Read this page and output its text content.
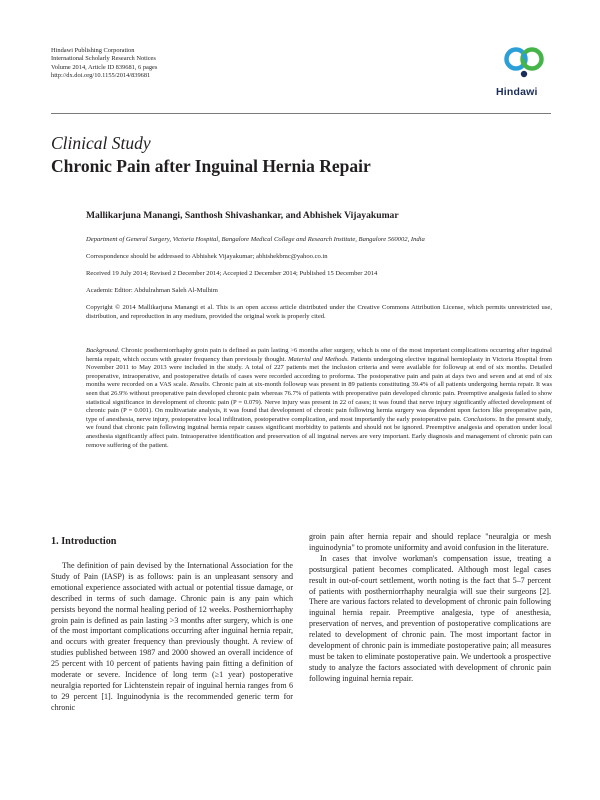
Hindawi Publishing Corporation
International Scholarly Research Notices
Volume 2014, Article ID 839681, 6 pages
http://dx.doi.org/10.1155/2014/839681
Hindawi
Clinical Study
Chronic Pain after Inguinal Hernia Repair
Mallikarjuna Manangi, Santhosh Shivashankar, and Abhishek Vijayakumar
Department of General Surgery, Victoria Hospital, Bangalore Medical College and Research Institute, Bangalore 560002, India
Correspondence should be addressed to Abhishek Vijayakumar; abhishekbmc@yahoo.co.in
Received 19 July 2014; Revised 2 December 2014; Accepted 2 December 2014; Published 15 December 2014
Academic Editor: Abdulrahman Saleh Al-Mulhim
Copyright © 2014 Mallikarjuna Manangi et al. This is an open access article distributed under the Creative Commons Attribution License, which permits unrestricted use, distribution, and reproduction in any medium, provided the original work is properly cited.
Background. Chronic postherniorrhaphy groin pain is defined as pain lasting >6 months after surgery, which is one of the most important complications occurring after inguinal hernia repair, which occurs with greater frequency than previously thought. Material and Methods. Patients undergoing elective inguinal hernioplasty in Victoria Hospital from November 2011 to May 2013 were included in the study. A total of 227 patients met the inclusion criteria and were available for followup at end of six months. Detailed preoperative, intraoperative, and postoperative details of cases were recorded according to proforma. The postoperative pain and pain at days two and seven and at end of six months were recorded on a VAS scale. Results. Chronic pain at six-month followup was present in 89 patients constituting 39.4% of all patients undergoing hernia repair. It was seen that 26.9% without preoperative pain developed chronic pain whereas 76.7% of patients with preoperative pain developed chronic pain. Preemptive analgesia failed to show statistical significance in development of chronic pain (P = 0.079). Nerve injury was present in 22 of cases; it was found that nerve injury significantly affected development of chronic pain (P = 0.001). On multivariate analysis, it was found that development of chronic pain following hernia surgery was dependent upon factors like preoperative pain, type of anesthesia, nerve injury, postoperative local infiltration, postoperative complication, and most importantly the early postoperative pain. Conclusions. In the present study, we found that chronic pain following inguinal hernia repair causes significant morbidity to patients and should not be ignored. Preemptive analgesia and operation under local anesthesia significantly affect pain. Intraoperative identification and preservation of all inguinal nerves are very important. Early diagnosis and management of chronic pain can remove suffering of the patient.
1. Introduction

The definition of pain devised by the International Association for the Study of Pain (IASP) is as follows: pain is an unpleasant sensory and emotional experience associated with actual or potential tissue damage, or described in terms of such damage. Chronic pain is any pain which persists beyond the normal healing period of 12 weeks. Postherniorrhaphy groin pain is defined as pain lasting >3 months after surgery, which is one of the most important complications occurring after inguinal hernia repair, and occurs with greater frequency than previously thought. A review of studies published between 1987 and 2000 showed an overall incidence of 25 percent with 10 percent of patients having pain fitting a definition of moderate or severe. Incidence of long term (≥1 year) postoperative neuralgia reported for Lichtenstein repair of inguinal hernia ranges from 6 to 29 percent [1]. Inguinodynia is the recommended generic term for chronic

groin pain after hernia repair and should replace "neuralgia or mesh inguinodynia" to promote uniformity and avoid confusion in the literature.

In cases that involve workman's compensation issue, treating a postsurgical patient becomes complicated. Although most legal cases result in out-of-court settlement, worth noting is the fact that 5–7 percent of patients with postherniorrhaphy neuralgia will sue their surgeons [2]. There are various factors related to development of chronic pain following inguinal hernia repair. Preemptive analgesia, type of anesthesia, preservation of nerves, and prevention of postoperative complications are related to development of chronic pain. The most important factor in development of chronic pain is immediate postoperative pain; all measures must be taken to eliminate postoperative pain. We undertook a prospective study to analyze the factors associated with development of chronic pain following inguinal hernia repair.
